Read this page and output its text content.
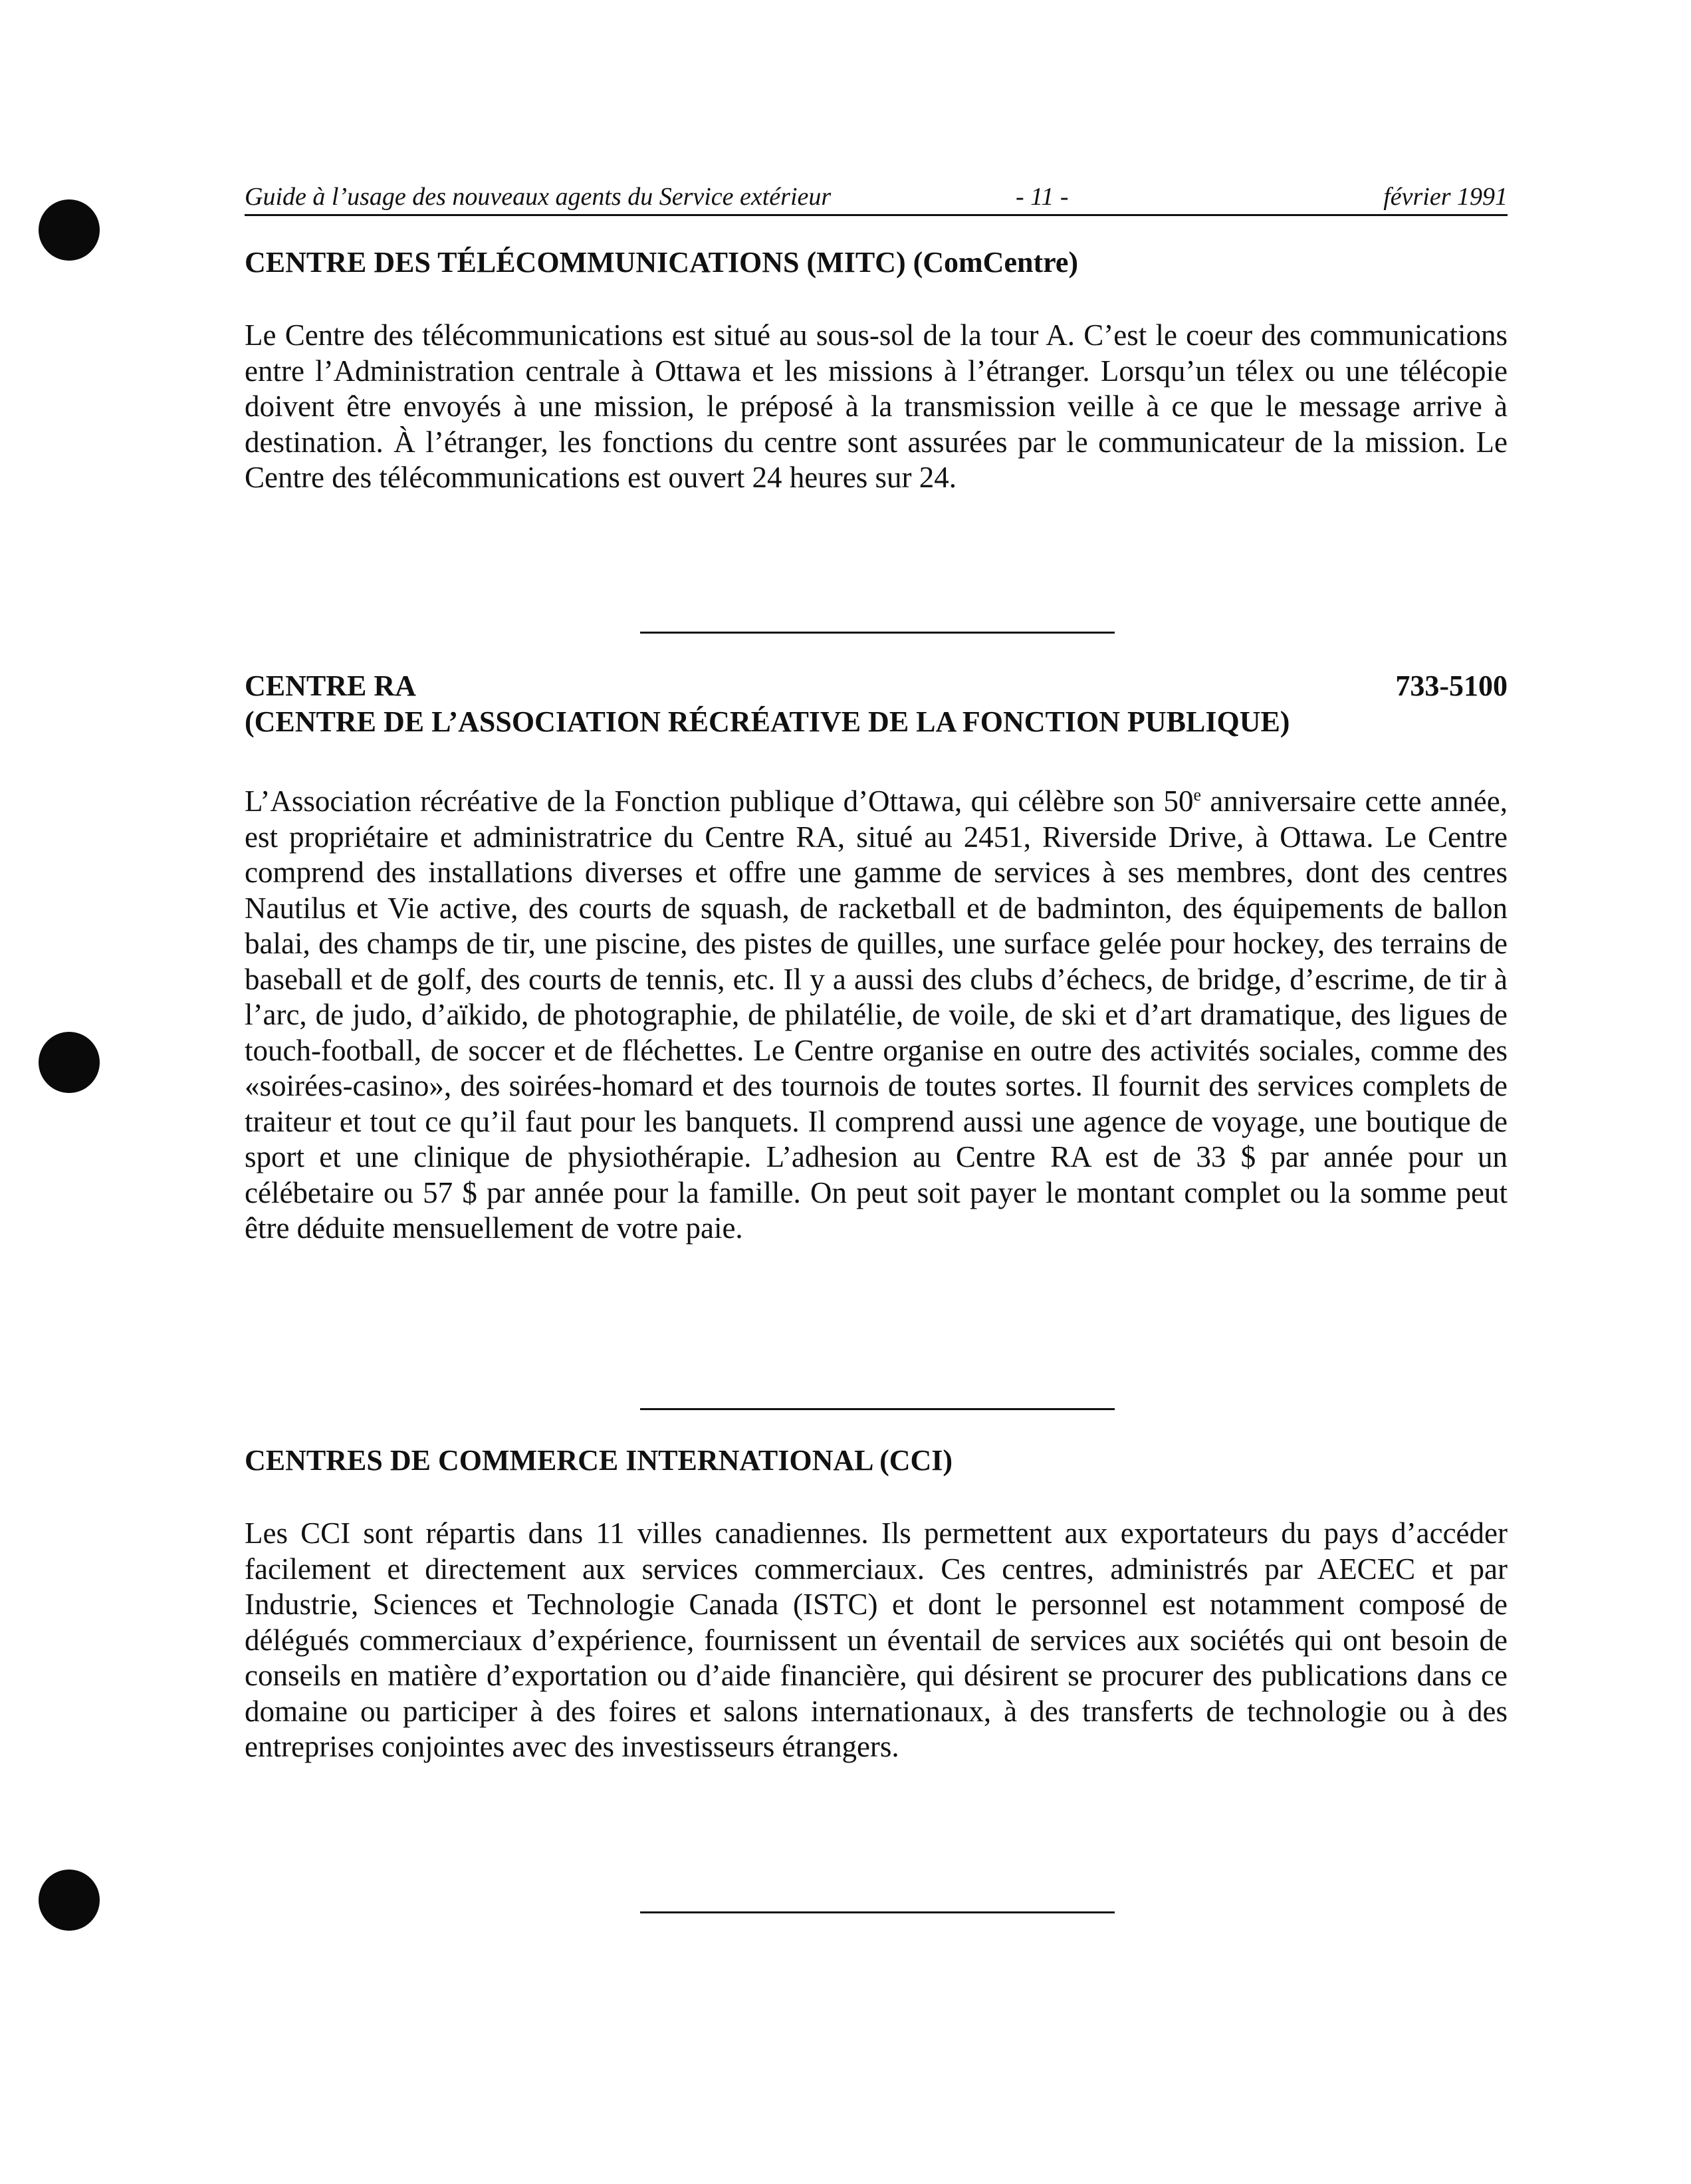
Guide à l’usage des nouveaux agents du Service extérieur	- 11 -	février 1991
CENTRE DES TÉLÉCOMMUNICATIONS (MITC) (ComCentre)

Le Centre des télécommunications est situé au sous-sol de la tour A. C’est le coeur des communications entre l’Administration centrale à Ottawa et les missions à l’étranger. Lorsqu’un télex ou une télécopie doivent être envoyés à une mission, le préposé à la transmission veille à ce que le message arrive à destination. À l’étranger, les fonctions du centre sont assurées par le communicateur de la mission. Le Centre des télécommunications est ouvert 24 heures sur 24.

CENTRE RA	733-5100
(CENTRE DE L’ASSOCIATION RÉCRÉATIVE DE LA FONCTION PUBLIQUE)

L’Association récréative de la Fonction publique d’Ottawa, qui célèbre son 50e anniversaire cette année, est propriétaire et administratrice du Centre RA, situé au 2451, Riverside Drive, à Ottawa. Le Centre comprend des installations diverses et offre une gamme de services à ses membres, dont des centres Nautilus et Vie active, des courts de squash, de racketball et de badminton, des équipements de ballon balai, des champs de tir, une piscine, des pistes de quilles, une surface gelée pour hockey, des terrains de baseball et de golf, des courts de tennis, etc. Il y a aussi des clubs d’échecs, de bridge, d’escrime, de tir à l’arc, de judo, d’aïkido, de photographie, de philatélie, de voile, de ski et d’art dramatique, des ligues de touch-football, de soccer et de fléchettes. Le Centre organise en outre des activités sociales, comme des «soirées-casino», des soirées-homard et des tournois de toutes sortes. Il fournit des services complets de traiteur et tout ce qu’il faut pour les banquets. Il comprend aussi une agence de voyage, une boutique de sport et une clinique de physiothérapie. L’adhesion au Centre RA est de 33 $ par année pour un célébetaire ou 57 $ par année pour la famille. On peut soit payer le montant complet ou la somme peut être déduite mensuellement de votre paie.

CENTRES DE COMMERCE INTERNATIONAL (CCI)

Les CCI sont répartis dans 11 villes canadiennes. Ils permettent aux exportateurs du pays d’accéder facilement et directement aux services commerciaux. Ces centres, administrés par AECEC et par Industrie, Sciences et Technologie Canada (ISTC) et dont le personnel est notamment composé de délégués commerciaux d’expérience, fournissent un éventail de services aux sociétés qui ont besoin de conseils en matière d’exportation ou d’aide financière, qui désirent se procurer des publications dans ce domaine ou participer à des foires et salons internationaux, à des transferts de technologie ou à des entreprises conjointes avec des investisseurs étrangers.
